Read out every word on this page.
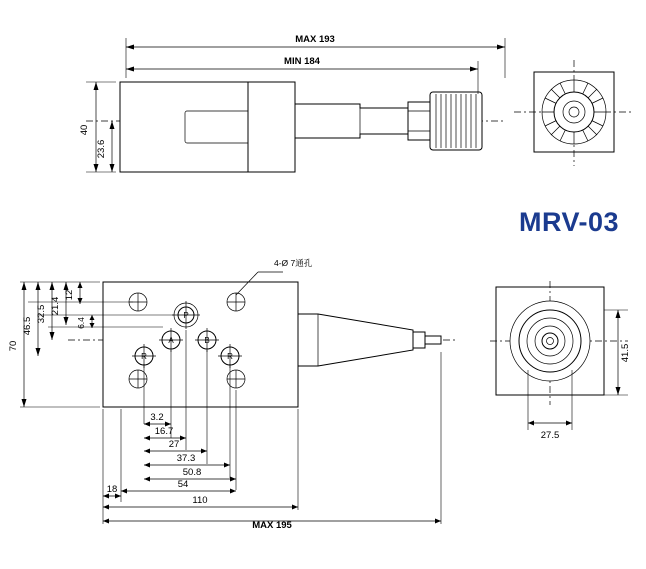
MRV-03
MAX 193
MIN 184
40
23.6
P
A	B
R	R
4-Ø 7通孔
70
46.5
32.5 21.4
12
6.4
3.2
16.7
27
37.3
50.8
54
18
110
MAX 195
41.5
27.5
